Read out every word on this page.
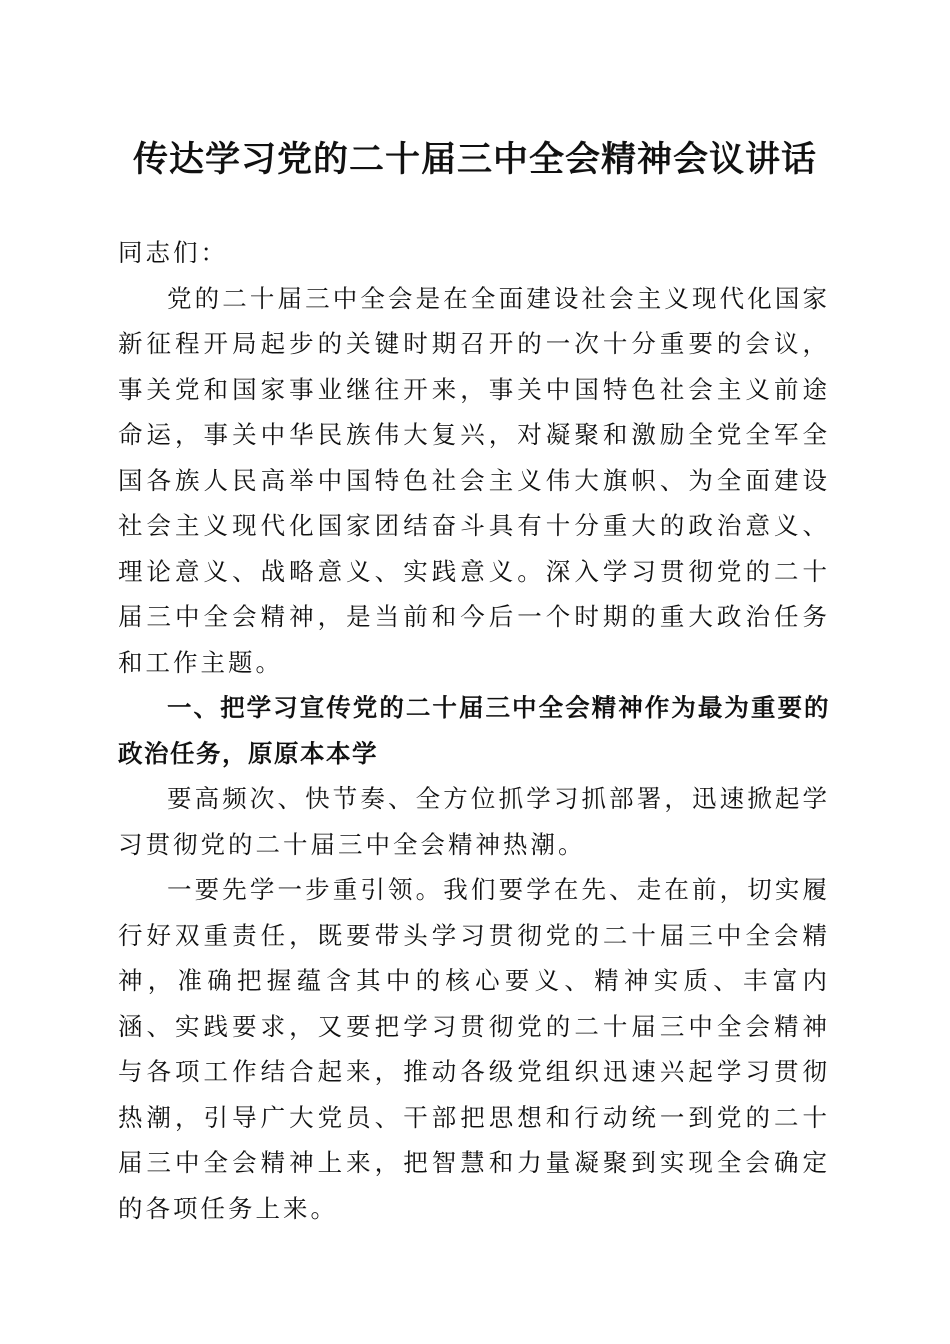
传达学习党的二十届三中全会精神会议讲话

同志们：

党的二十届三中全会是在全面建设社会主义现代化国家新征程开局起步的关键时期召开的一次十分重要的会议，事关党和国家事业继往开来，事关中国特色社会主义前途命运，事关中华民族伟大复兴，对凝聚和激励全党全军全国各族人民高举中国特色社会主义伟大旗帜、为全面建设社会主义现代化国家团结奋斗具有十分重大的政治意义、理论意义、战略意义、实践意义。深入学习贯彻党的二十届三中全会精神，是当前和今后一个时期的重大政治任务和工作主题。

一、把学习宣传党的二十届三中全会精神作为最为重要的政治任务，原原本本学

要高频次、快节奏、全方位抓学习抓部署，迅速掀起学习贯彻党的二十届三中全会精神热潮。

一要先学一步重引领。我们要学在先、走在前，切实履行好双重责任，既要带头学习贯彻党的二十届三中全会精神，准确把握蕴含其中的核心要义、精神实质、丰富内涵、实践要求，又要把学习贯彻党的二十届三中全会精神与各项工作结合起来，推动各级党组织迅速兴起学习贯彻热潮，引导广大党员、干部把思想和行动统一到党的二十届三中全会精神上来，把智慧和力量凝聚到实现全会确定的各项任务上来。
